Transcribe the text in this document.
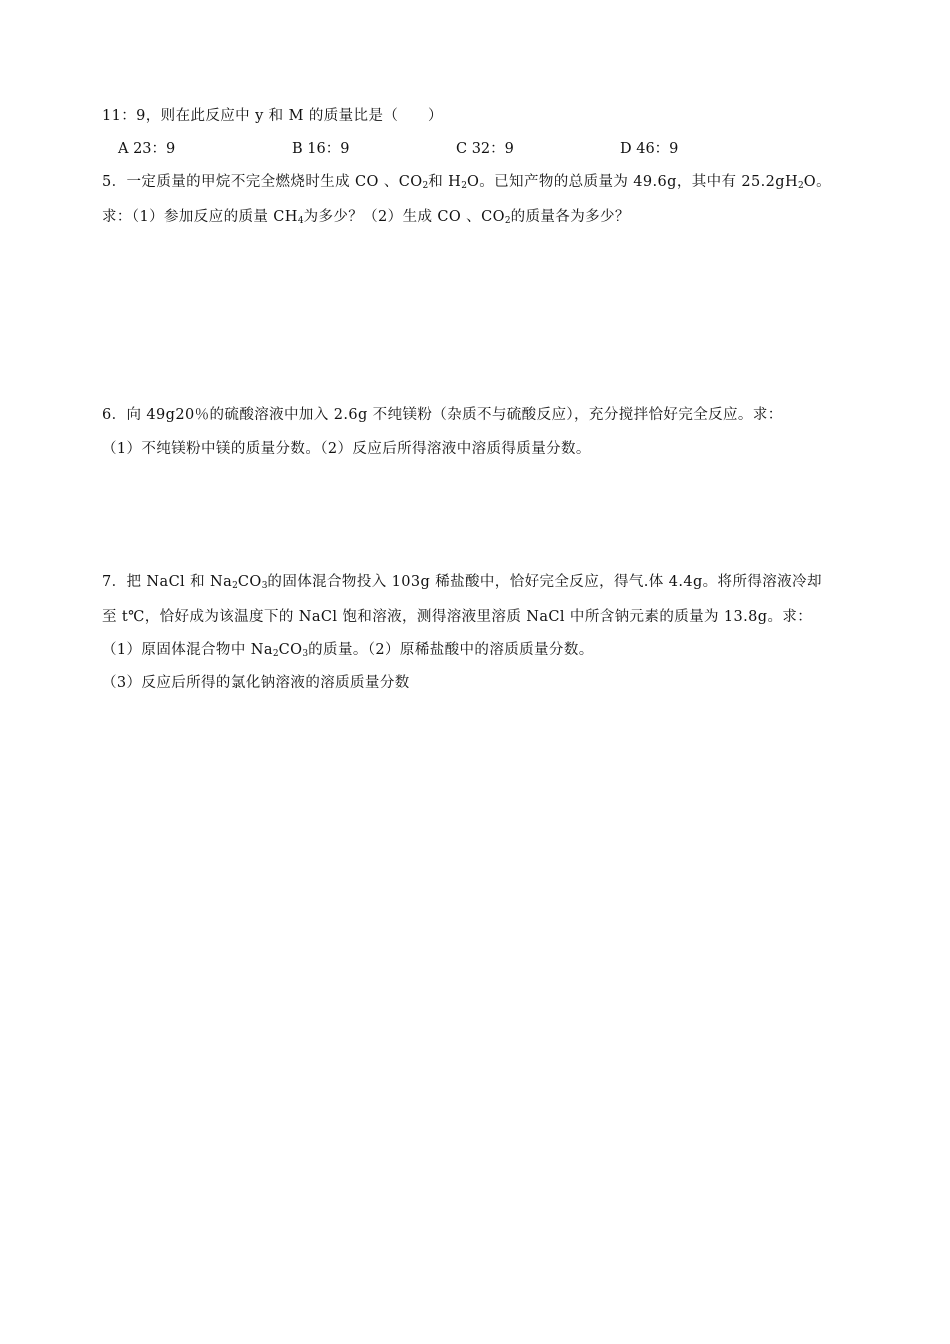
11：9，则在此反应中 y 和 M 的质量比是（　　）
A 23：9	B 16：9	C 32：9	D 46：9
5．一定质量的甲烷不完全燃烧时生成 CO 、$CO_2$和 $H_2O$。已知产物的总质量为 49.6g，其中有 $25.2gH_2O$。
求：（1）参加反应的质量 $CH_4$为多少？（2）生成 CO 、$CO_2$的质量各为多少？
6．向 49g20％的硫酸溶液中加入 2.6g 不纯镁粉（杂质不与硫酸反应），充分搅拌恰好完全反应。求：
（1）不纯镁粉中镁的质量分数。（2）反应后所得溶液中溶质得质量分数。
7．把 NaCl 和 $Na_2CO_3$的固体混合物投入 103g 稀盐酸中，恰好完全反应，得气.体 4.4g。将所得溶液冷却
至 t℃，恰好成为该温度下的 NaCl 饱和溶液，测得溶液里溶质 NaCl 中所含钠元素的质量为 13.8g。求：
（1）原固体混合物中 $Na_2CO_3$的质量。（2）原稀盐酸中的溶质质量分数。
（3）反应后所得的氯化钠溶液的溶质质量分数
